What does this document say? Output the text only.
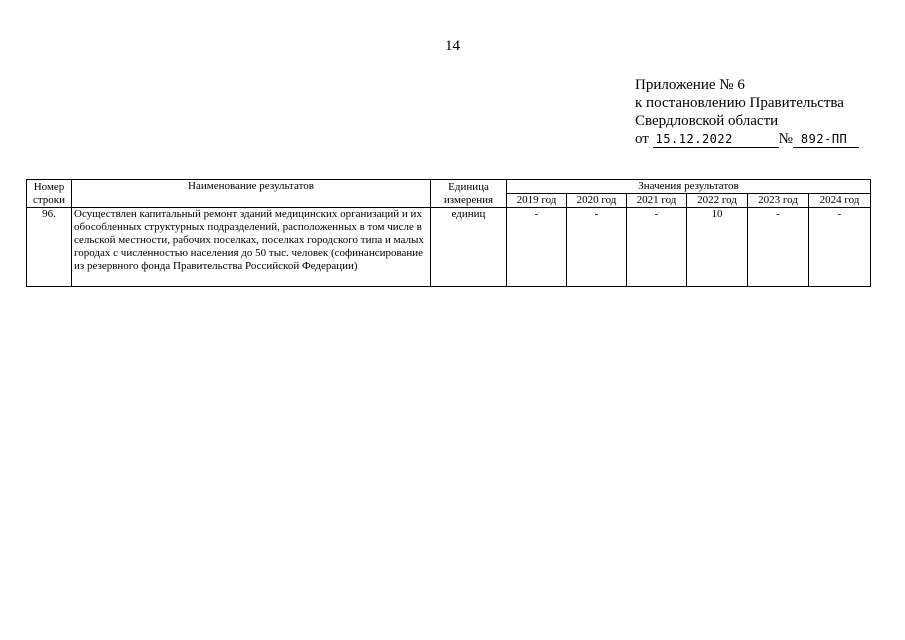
14
Приложение № 6
к постановлению Правительства
Свердловской области
от 15.12.2022	№ 892-ПП
Номер строки	Наименование результатов	Единица измерения	Значения результатов					
			2019 год	2020 год	2021 год	2022 год	2023 год	2024 год
96.	Осуществлен капитальный ремонт зданий медицинских организаций и их обособленных структурных подразделений, расположенных в том числе в сельской местности, рабочих поселках, поселках городского типа и малых городах с численностью населения до 50 тыс. человек (софинансирование из резервного фонда Правительства Российской Федерации)	единиц	-	-	-	10	-	-
